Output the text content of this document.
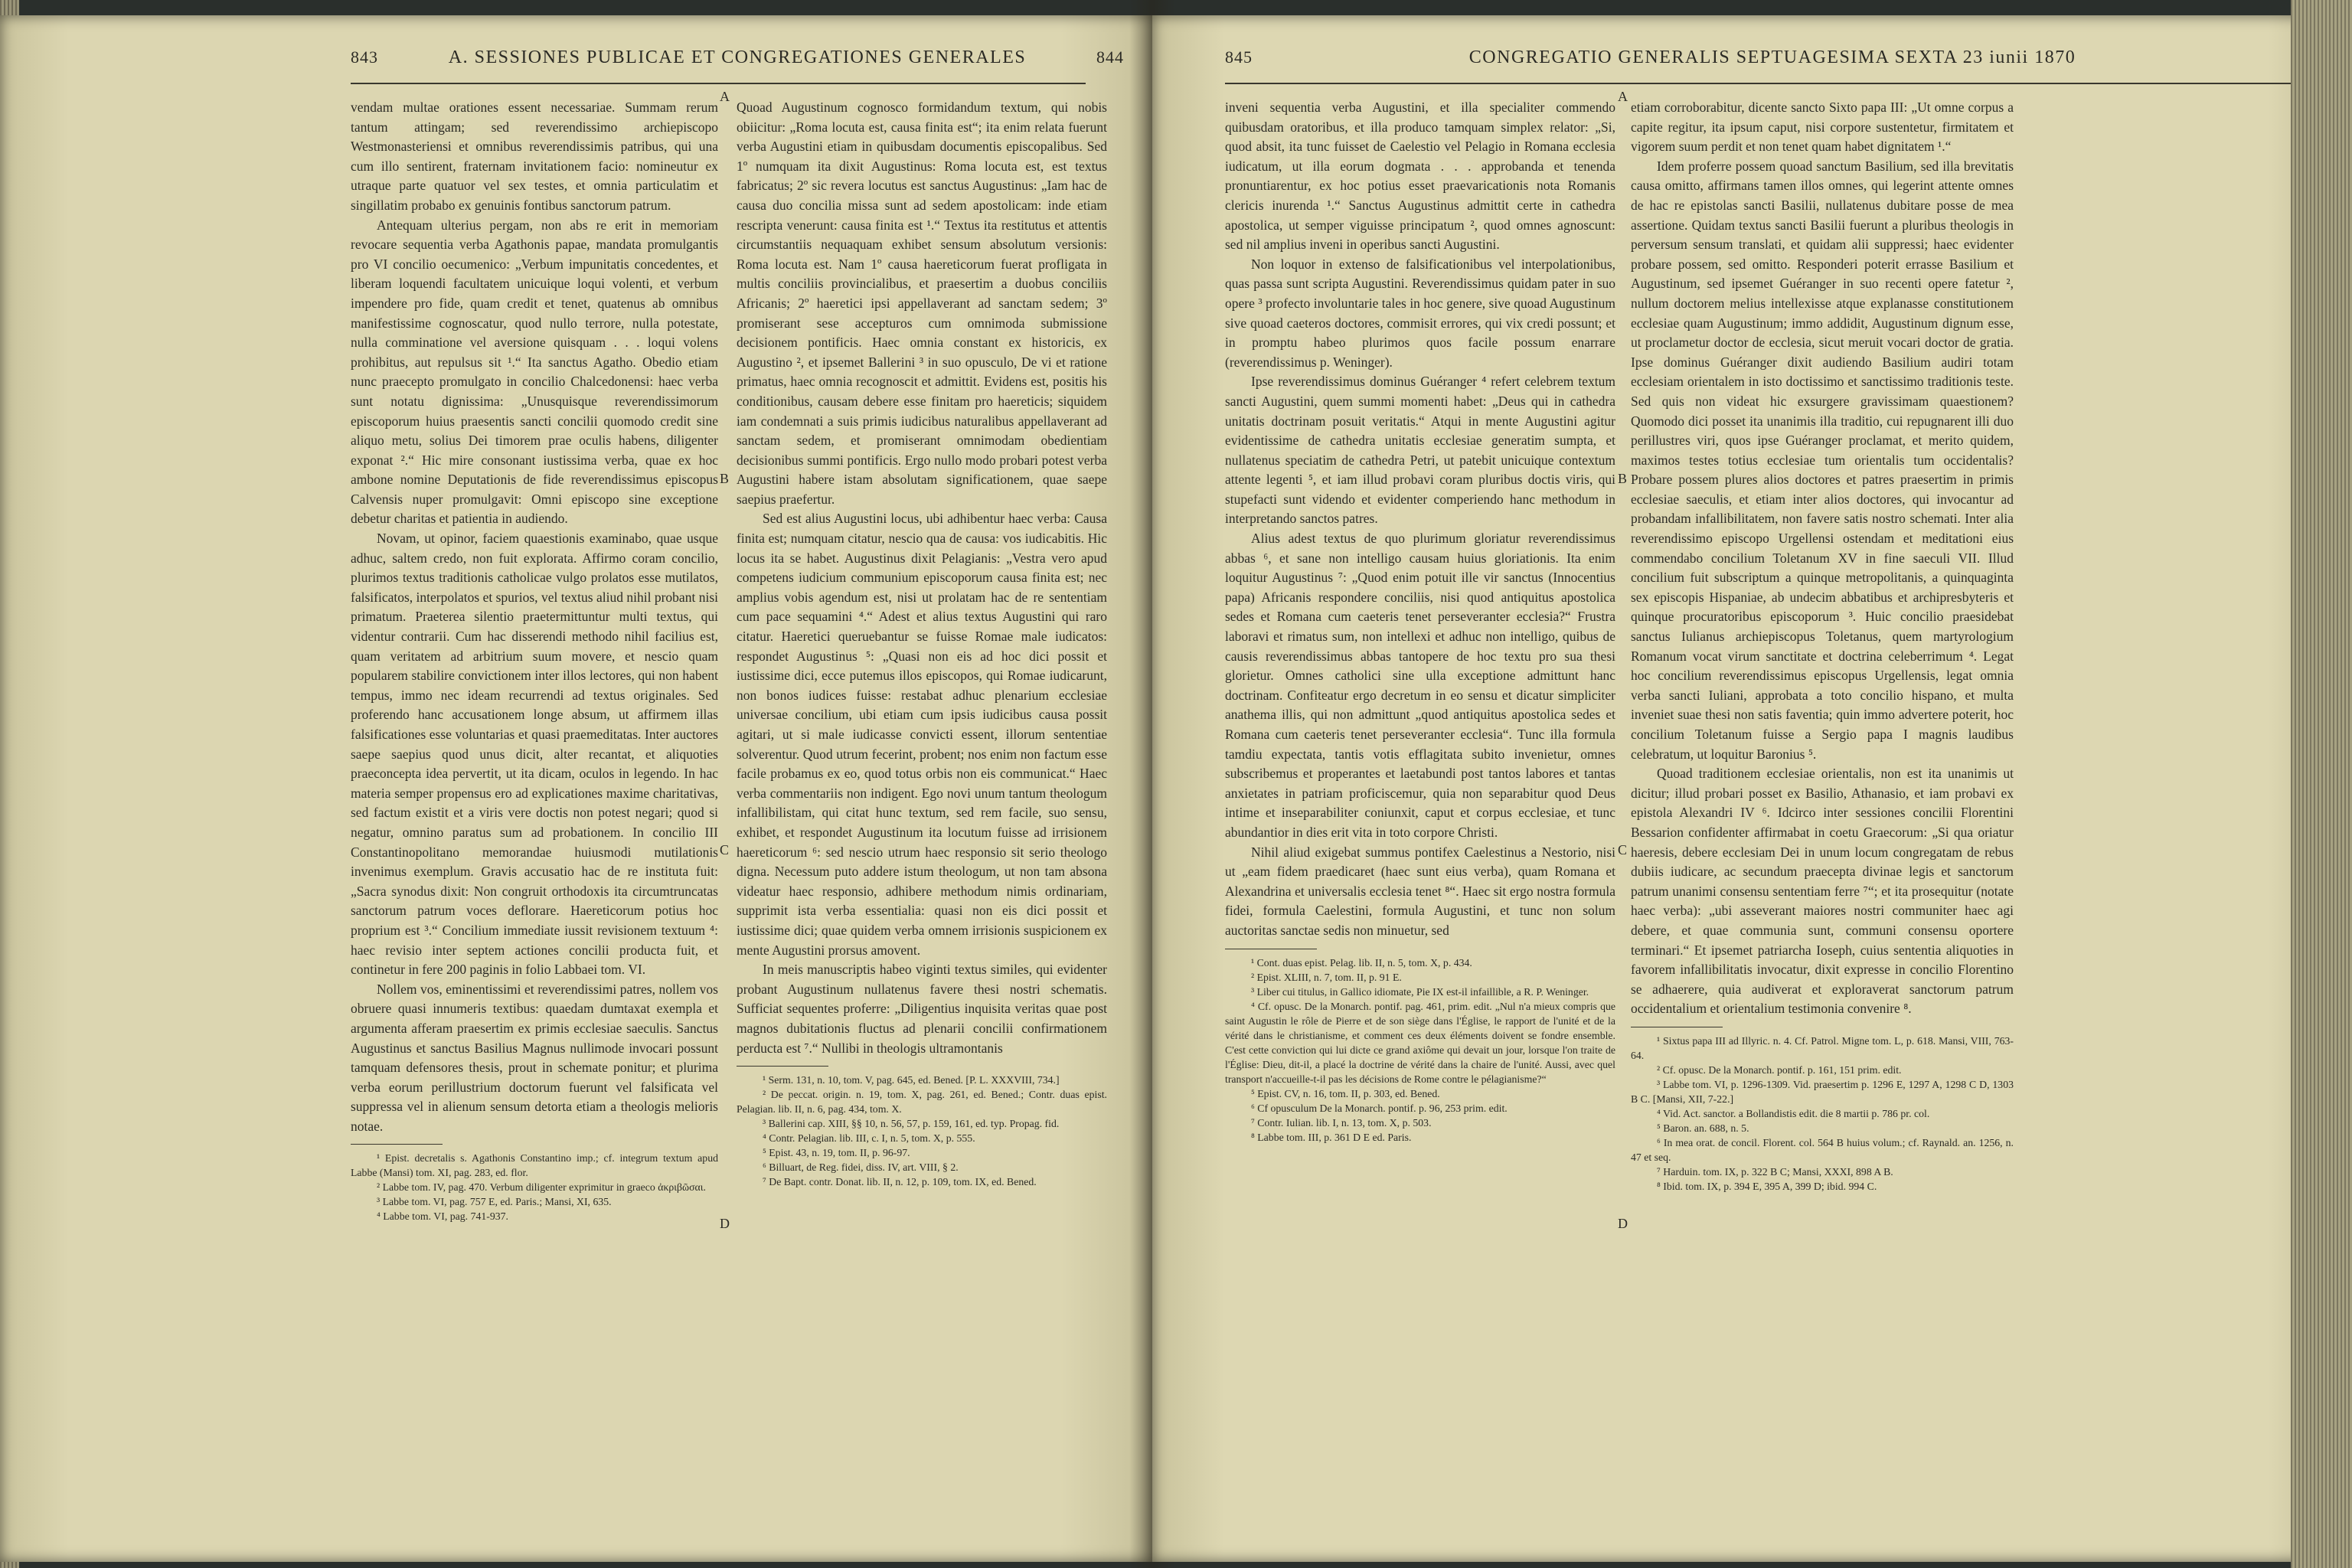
843	A. SESSIONES PUBLICAE ET CONGREGATIONES GENERALES	844

vendam multae orationes essent necessariae. Summam rerum tantum attingam; sed reverendissimo archiepiscopo Westmonasteriensi et omnibus reverendissimis patribus, qui una cum illo sentirent, fraternam invitationem facio: nomineutur ex utraque parte quatuor vel sex testes, et omnia particulatim et singillatim probabo ex genuinis fontibus sanctorum patrum.

Antequam ulterius pergam, non abs re erit in memoriam revocare sequentia verba Agathonis papae, mandata promulgantis pro VI concilio oecumenico: „Verbum impunitatis concedentes, et liberam loquendi facultatem unicuique loqui volenti, et verbum impendere pro fide, quam credit et tenet, quatenus ab omnibus manifestissime cognoscatur, quod nullo terrore, nulla potestate, nulla comminatione vel aversione quisquam . . . loqui volens prohibitus, aut repulsus sit ¹.“ Ita sanctus Agatho. Obedio etiam nunc praecepto promulgato in concilio Chalcedonensi: haec verba sunt notatu dignissima: „Unusquisque reverendissimorum episcoporum huius praesentis sancti concilii quomodo credit sine aliquo metu, solius Dei timorem prae oculis habens, diligenter exponat ².“ Hic mire consonant iustissima verba, quae ex hoc ambone nomine Deputationis de fide reverendissimus episcopus Calvensis nuper promulgavit: Omni episcopo sine exceptione debetur charitas et patientia in audiendo.

Novam, ut opinor, faciem quaestionis examinabo, quae usque adhuc, saltem credo, non fuit explorata. Affirmo coram concilio, plurimos textus traditionis catholicae vulgo prolatos esse mutilatos, falsificatos, interpolatos et spurios, vel textus aliud nihil probant nisi primatum. Praeterea silentio praetermittuntur multi textus, qui videntur contrarii. Cum hac disserendi methodo nihil facilius est, quam veritatem ad arbitrium suum movere, et nescio quam popularem stabilire convictionem inter illos lectores, qui non habent tempus, immo nec ideam recurrendi ad textus originales. Sed proferendo hanc accusationem longe absum, ut affirmem illas falsificationes esse voluntarias et quasi praemeditatas. Inter auctores saepe saepius quod unus dicit, alter recantat, et aliquoties praeconcepta idea pervertit, ut ita dicam, oculos in legendo. In hac materia semper propensus ero ad explicationes maxime charitativas, sed factum existit et a viris vere doctis non potest negari; quod si negatur, omnino paratus sum ad probationem. In concilio III Constantinopolitano memorandae huiusmodi mutilationis invenimus exemplum. Gravis accusatio hac de re instituta fuit: „Sacra synodus dixit: Non congruit orthodoxis ita circumtruncatas sanctorum patrum voces deflorare. Haereticorum potius hoc proprium est ³.“ Concilium immediate iussit revisionem textuum ⁴: haec revisio inter septem actiones concilii producta fuit, et continetur in fere 200 paginis in folio Labbaei tom. VI.

Nollem vos, eminentissimi et reverendissimi patres, nollem vos obruere quasi innumeris textibus: quaedam dumtaxat exempla et argumenta afferam praesertim ex primis ecclesiae saeculis. Sanctus Augustinus et sanctus Basilius Magnus nullimode invocari possunt tamquam defensores thesis, prout in schemate ponitur; et plurima verba eorum perillustrium doctorum fuerunt vel falsificata vel suppressa vel in alienum sensum detorta etiam a theologis melioris notae.

¹ Epist. decretalis s. Agathonis Constantino imp.; cf. integrum textum apud Labbe (Mansi) tom. XI, pag. 283, ed. flor.

² Labbe tom. IV, pag. 470. Verbum diligenter exprimitur in graeco ἀκριβῶσαι.

³ Labbe tom. VI, pag. 757 E, ed. Paris.; Mansi, XI, 635.

⁴ Labbe tom. VI, pag. 741-937.

A
B
C
D

Quoad Augustinum cognosco formidandum textum, qui nobis obiicitur: „Roma locuta est, causa finita est“; ita enim relata fuerunt verba Augustini etiam in quibusdam documentis episcopalibus. Sed 1º numquam ita dixit Augustinus: Roma locuta est, est textus fabricatus; 2º sic revera locutus est sanctus Augustinus: „Iam hac de causa duo concilia missa sunt ad sedem apostolicam: inde etiam rescripta venerunt: causa finita est ¹.“ Textus ita restitutus et attentis circumstantiis nequaquam exhibet sensum absolutum versionis: Roma locuta est. Nam 1º causa haereticorum fuerat profligata in multis conciliis provincialibus, et praesertim a duobus conciliis Africanis; 2º haeretici ipsi appellaverant ad sanctam sedem; 3º promiserant sese accepturos cum omnimoda submissione decisionem pontificis. Haec omnia constant ex historicis, ex Augustino ², et ipsemet Ballerini ³ in suo opusculo, De vi et ratione primatus, haec omnia recognoscit et admittit. Evidens est, positis his conditionibus, causam debere esse finitam pro haereticis; siquidem iam condemnati a suis primis iudicibus naturalibus appellaverant ad sanctam sedem, et promiserant omnimodam obedientiam decisionibus summi pontificis. Ergo nullo modo probari potest verba Augustini habere istam absolutam significationem, quae saepe saepius praefertur.

Sed est alius Augustini locus, ubi adhibentur haec verba: Causa finita est; numquam citatur, nescio qua de causa: vos iudicabitis. Hic locus ita se habet. Augustinus dixit Pelagianis: „Vestra vero apud competens iudicium communium episcoporum causa finita est; nec amplius vobis agendum est, nisi ut prolatam hac de re sententiam cum pace sequamini ⁴.“ Adest et alius textus Augustini qui raro citatur. Haeretici queruebantur se fuisse Romae male iudicatos: respondet Augustinus ⁵: „Quasi non eis ad hoc dici possit et iustissime dici, ecce putemus illos episcopos, qui Romae iudicarunt, non bonos iudices fuisse: restabat adhuc plenarium ecclesiae universae concilium, ubi etiam cum ipsis iudicibus causa possit agitari, ut si male iudicasse convicti essent, illorum sententiae solverentur. Quod utrum fecerint, probent; nos enim non factum esse facile probamus ex eo, quod totus orbis non eis communicat.“ Haec verba commentariis non indigent. Ego novi unum tantum theologum infallibilistam, qui citat hunc textum, sed rem facile, suo sensu, exhibet, et respondet Augustinum ita locutum fuisse ad irrisionem haereticorum ⁶: sed nescio utrum haec responsio sit serio theologo digna. Necessum puto addere istum theologum, ut non tam absona videatur haec responsio, adhibere methodum nimis ordinariam, supprimit ista verba essentialia: quasi non eis dici possit et iustissime dici; quae quidem verba omnem irrisionis suspicionem ex mente Augustini prorsus amovent.

In meis manuscriptis habeo viginti textus similes, qui evidenter probant Augustinum nullatenus favere thesi nostri schematis. Sufficiat sequentes proferre: „Diligentius inquisita veritas quae post magnos dubitationis fluctus ad plenarii concilii confirmationem perducta est ⁷.“ Nullibi in theologis ultramontanis

¹ Serm. 131, n. 10, tom. V, pag. 645, ed. Bened. [P. L. XXXVIII, 734.]

² De peccat. origin. n. 19, tom. X, pag. 261, ed. Bened.; Contr. duas epist. Pelagian. lib. II, n. 6, pag. 434, tom. X.

³ Ballerini cap. XIII, §§ 10, n. 56, 57, p. 159, 161, ed. typ. Propag. fid.

⁴ Contr. Pelagian. lib. III, c. I, n. 5, tom. X, p. 555.

⁵ Epist. 43, n. 19, tom. II, p. 96-97.

⁶ Billuart, de Reg. fidei, diss. IV, art. VIII, § 2.

⁷ De Bapt. contr. Donat. lib. II, n. 12, p. 109, tom. IX, ed. Bened.

845	CONGREGATIO GENERALIS SEPTUAGESIMA SEXTA 23 iunii 1870

inveni sequentia verba Augustini, et illa specialiter commendo quibusdam oratoribus, et illa produco tamquam simplex relator: „Si, quod absit, ita tunc fuisset de Caelestio vel Pelagio in Romana ecclesia iudicatum, ut illa eorum dogmata . . . approbanda et tenenda pronuntiarentur, ex hoc potius esset praevaricationis nota Romanis clericis inurenda ¹.“ Sanctus Augustinus admittit certe in cathedra apostolica, ut semper viguisse principatum ², quod omnes agnoscunt: sed nil amplius inveni in operibus sancti Augustini.

Non loquor in extenso de falsificationibus vel interpolationibus, quas passa sunt scripta Augustini. Reverendissimus quidam pater in suo opere ³ profecto involuntarie tales in hoc genere, sive quoad Augustinum sive quoad caeteros doctores, commisit errores, qui vix credi possunt; et in promptu habeo plurimos quos facile possum enarrare (reverendissimus p. Weninger).

Ipse reverendissimus dominus Guéranger ⁴ refert celebrem textum sancti Augustini, quem summi momenti habet: „Deus qui in cathedra unitatis doctrinam posuit veritatis.“ Atqui in mente Augustini agitur evidentissime de cathedra unitatis ecclesiae generatim sumpta, et nullatenus speciatim de cathedra Petri, ut patebit unicuique contextum attente legenti ⁵, et iam illud probavi coram pluribus doctis viris, qui stupefacti sunt videndo et evidenter comperiendo hanc methodum in interpretando sanctos patres.

Alius adest textus de quo plurimum gloriatur reverendissimus abbas ⁶, et sane non intelligo causam huius gloriationis. Ita enim loquitur Augustinus ⁷: „Quod enim potuit ille vir sanctus (Innocentius papa) Africanis respondere conciliis, nisi quod antiquitus apostolica sedes et Romana cum caeteris tenet perseveranter ecclesia?“ Frustra laboravi et rimatus sum, non intellexi et adhuc non intelligo, quibus de causis reverendissimus abbas tantopere de hoc textu pro sua thesi glorietur. Omnes catholici sine ulla exceptione admittunt hanc doctrinam. Confiteatur ergo decretum in eo sensu et dicatur simpliciter anathema illis, qui non admittunt „quod antiquitus apostolica sedes et Romana cum caeteris tenet perseveranter ecclesia“. Tunc illa formula tamdiu expectata, tantis votis efflagitata subito invenietur, omnes subscribemus et properantes et laetabundi post tantos labores et tantas anxietates in patriam proficiscemur, quia non separabitur quod Deus intime et inseparabiliter coniunxit, caput et corpus ecclesiae, et tunc abundantior in dies erit vita in toto corpore Christi.

Nihil aliud exigebat summus pontifex Caelestinus a Nestorio, nisi ut „eam fidem praedicaret (haec sunt eius verba), quam Romana et Alexandrina et universalis ecclesia tenet ⁸“. Haec sit ergo nostra formula fidei, formula Caelestini, formula Augustini, et tunc non solum auctoritas sanctae sedis non minuetur, sed

¹ Cont. duas epist. Pelag. lib. II, n. 5, tom. X, p. 434.

² Epist. XLIII, n. 7, tom. II, p. 91 E.

³ Liber cui titulus, in Gallico idiomate, Pie IX est-il infaillible, a R. P. Weninger.

⁴ Cf. opusc. De la Monarch. pontif. pag. 461, prim. edit. „Nul n'a mieux compris que saint Augustin le rôle de Pierre et de son siège dans l'Église, le rapport de l'unité et de la vérité dans le christianisme, et comment ces deux éléments doivent se fondre ensemble. C'est cette conviction qui lui dicte ce grand axiôme qui devait un jour, lorsque l'on traite de l'Église: Dieu, dit-il, a placé la doctrine de vérité dans la chaire de l'unité. Aussi, avec quel transport n'accueille-t-il pas les décisions de Rome contre le pélagianisme?“

⁵ Epist. CV, n. 16, tom. II, p. 303, ed. Bened.

⁶ Cf opusculum De la Monarch. pontif. p. 96, 253 prim. edit.

⁷ Contr. Iulian. lib. I, n. 13, tom. X, p. 503.

⁸ Labbe tom. III, p. 361 D E ed. Paris.

A
B
C
D

etiam corroborabitur, dicente sancto Sixto papa III: „Ut omne corpus a capite regitur, ita ipsum caput, nisi corpore sustentetur, firmitatem et vigorem suum perdit et non tenet quam habet dignitatem ¹.“

Idem proferre possem quoad sanctum Basilium, sed illa brevitatis causa omitto, affirmans tamen illos omnes, qui legerint attente omnes de hac re epistolas sancti Basilii, nullatenus dubitare posse de mea assertione. Quidam textus sancti Basilii fuerunt a pluribus theologis in perversum sensum translati, et quidam alii suppressi; haec evidenter probare possem, sed omitto. Responderi poterit errasse Basilium et Augustinum, sed ipsemet Guéranger in suo recenti opere fatetur ², nullum doctorem melius intellexisse atque explanasse constitutionem ecclesiae quam Augustinum; immo addidit, Augustinum dignum esse, ut proclametur doctor de ecclesia, sicut meruit vocari doctor de gratia. Ipse dominus Guéranger dixit audiendo Basilium audiri totam ecclesiam orientalem in isto doctissimo et sanctissimo traditionis teste. Sed quis non videat hic exsurgere gravissimam quaestionem? Quomodo dici posset ita unanimis illa traditio, cui repugnarent illi duo perillustres viri, quos ipse Guéranger proclamat, et merito quidem, maximos testes totius ecclesiae tum orientalis tum occidentalis? Probare possem plures alios doctores et patres praesertim in primis ecclesiae saeculis, et etiam inter alios doctores, qui invocantur ad probandam infallibilitatem, non favere satis nostro schemati. Inter alia reverendissimo episcopo Urgellensi ostendam et meditationi eius commendabo concilium Toletanum XV in fine saeculi VII. Illud concilium fuit subscriptum a quinque metropolitanis, a quinquaginta sex episcopis Hispaniae, ab undecim abbatibus et archipresbyteris et quinque procuratoribus episcoporum ³. Huic concilio praesidebat sanctus Iulianus archiepiscopus Toletanus, quem martyrologium Romanum vocat virum sanctitate et doctrina celeberrimum ⁴. Legat hoc concilium reverendissimus episcopus Urgellensis, legat omnia verba sancti Iuliani, approbata a toto concilio hispano, et multa inveniet suae thesi non satis faventia; quin immo advertere poterit, hoc concilium Toletanum fuisse a Sergio papa I magnis laudibus celebratum, ut loquitur Baronius ⁵.

Quoad traditionem ecclesiae orientalis, non est ita unanimis ut dicitur; illud probari posset ex Basilio, Athanasio, et iam probavi ex epistola Alexandri IV ⁶. Idcirco inter sessiones concilii Florentini Bessarion confidenter affirmabat in coetu Graecorum: „Si qua oriatur haeresis, debere ecclesiam Dei in unum locum congregatam de rebus dubiis iudicare, ac secundum praecepta divinae legis et sanctorum patrum unanimi consensu sententiam ferre ⁷“; et ita prosequitur (notate haec verba): „ubi asseverant maiores nostri communiter haec agi debere, et quae communia sunt, communi consensu oportere terminari.“ Et ipsemet patriarcha Ioseph, cuius sententia aliquoties in favorem infallibilitatis invocatur, dixit expresse in concilio Florentino se adhaerere, quia audiverat et exploraverat sanctorum patrum occidentalium et orientalium testimonia convenire ⁸.

¹ Sixtus papa III ad Illyric. n. 4. Cf. Patrol. Migne tom. L, p. 618. Mansi, VIII, 763-64.

² Cf. opusc. De la Monarch. pontif. p. 161, 151 prim. edit.

³ Labbe tom. VI, p. 1296-1309. Vid. praesertim p. 1296 E, 1297 A, 1298 C D, 1303 B C. [Mansi, XII, 7-22.]

⁴ Vid. Act. sanctor. a Bollandistis edit. die 8 martii p. 786 pr. col.

⁵ Baron. an. 688, n. 5.

⁶ In mea orat. de concil. Florent. col. 564 B huius volum.; cf. Raynald. an. 1256, n. 47 et seq.

⁷ Harduin. tom. IX, p. 322 B C; Mansi, XXXI, 898 A B.

⁸ Ibid. tom. IX, p. 394 E, 395 A, 399 D; ibid. 994 C.
